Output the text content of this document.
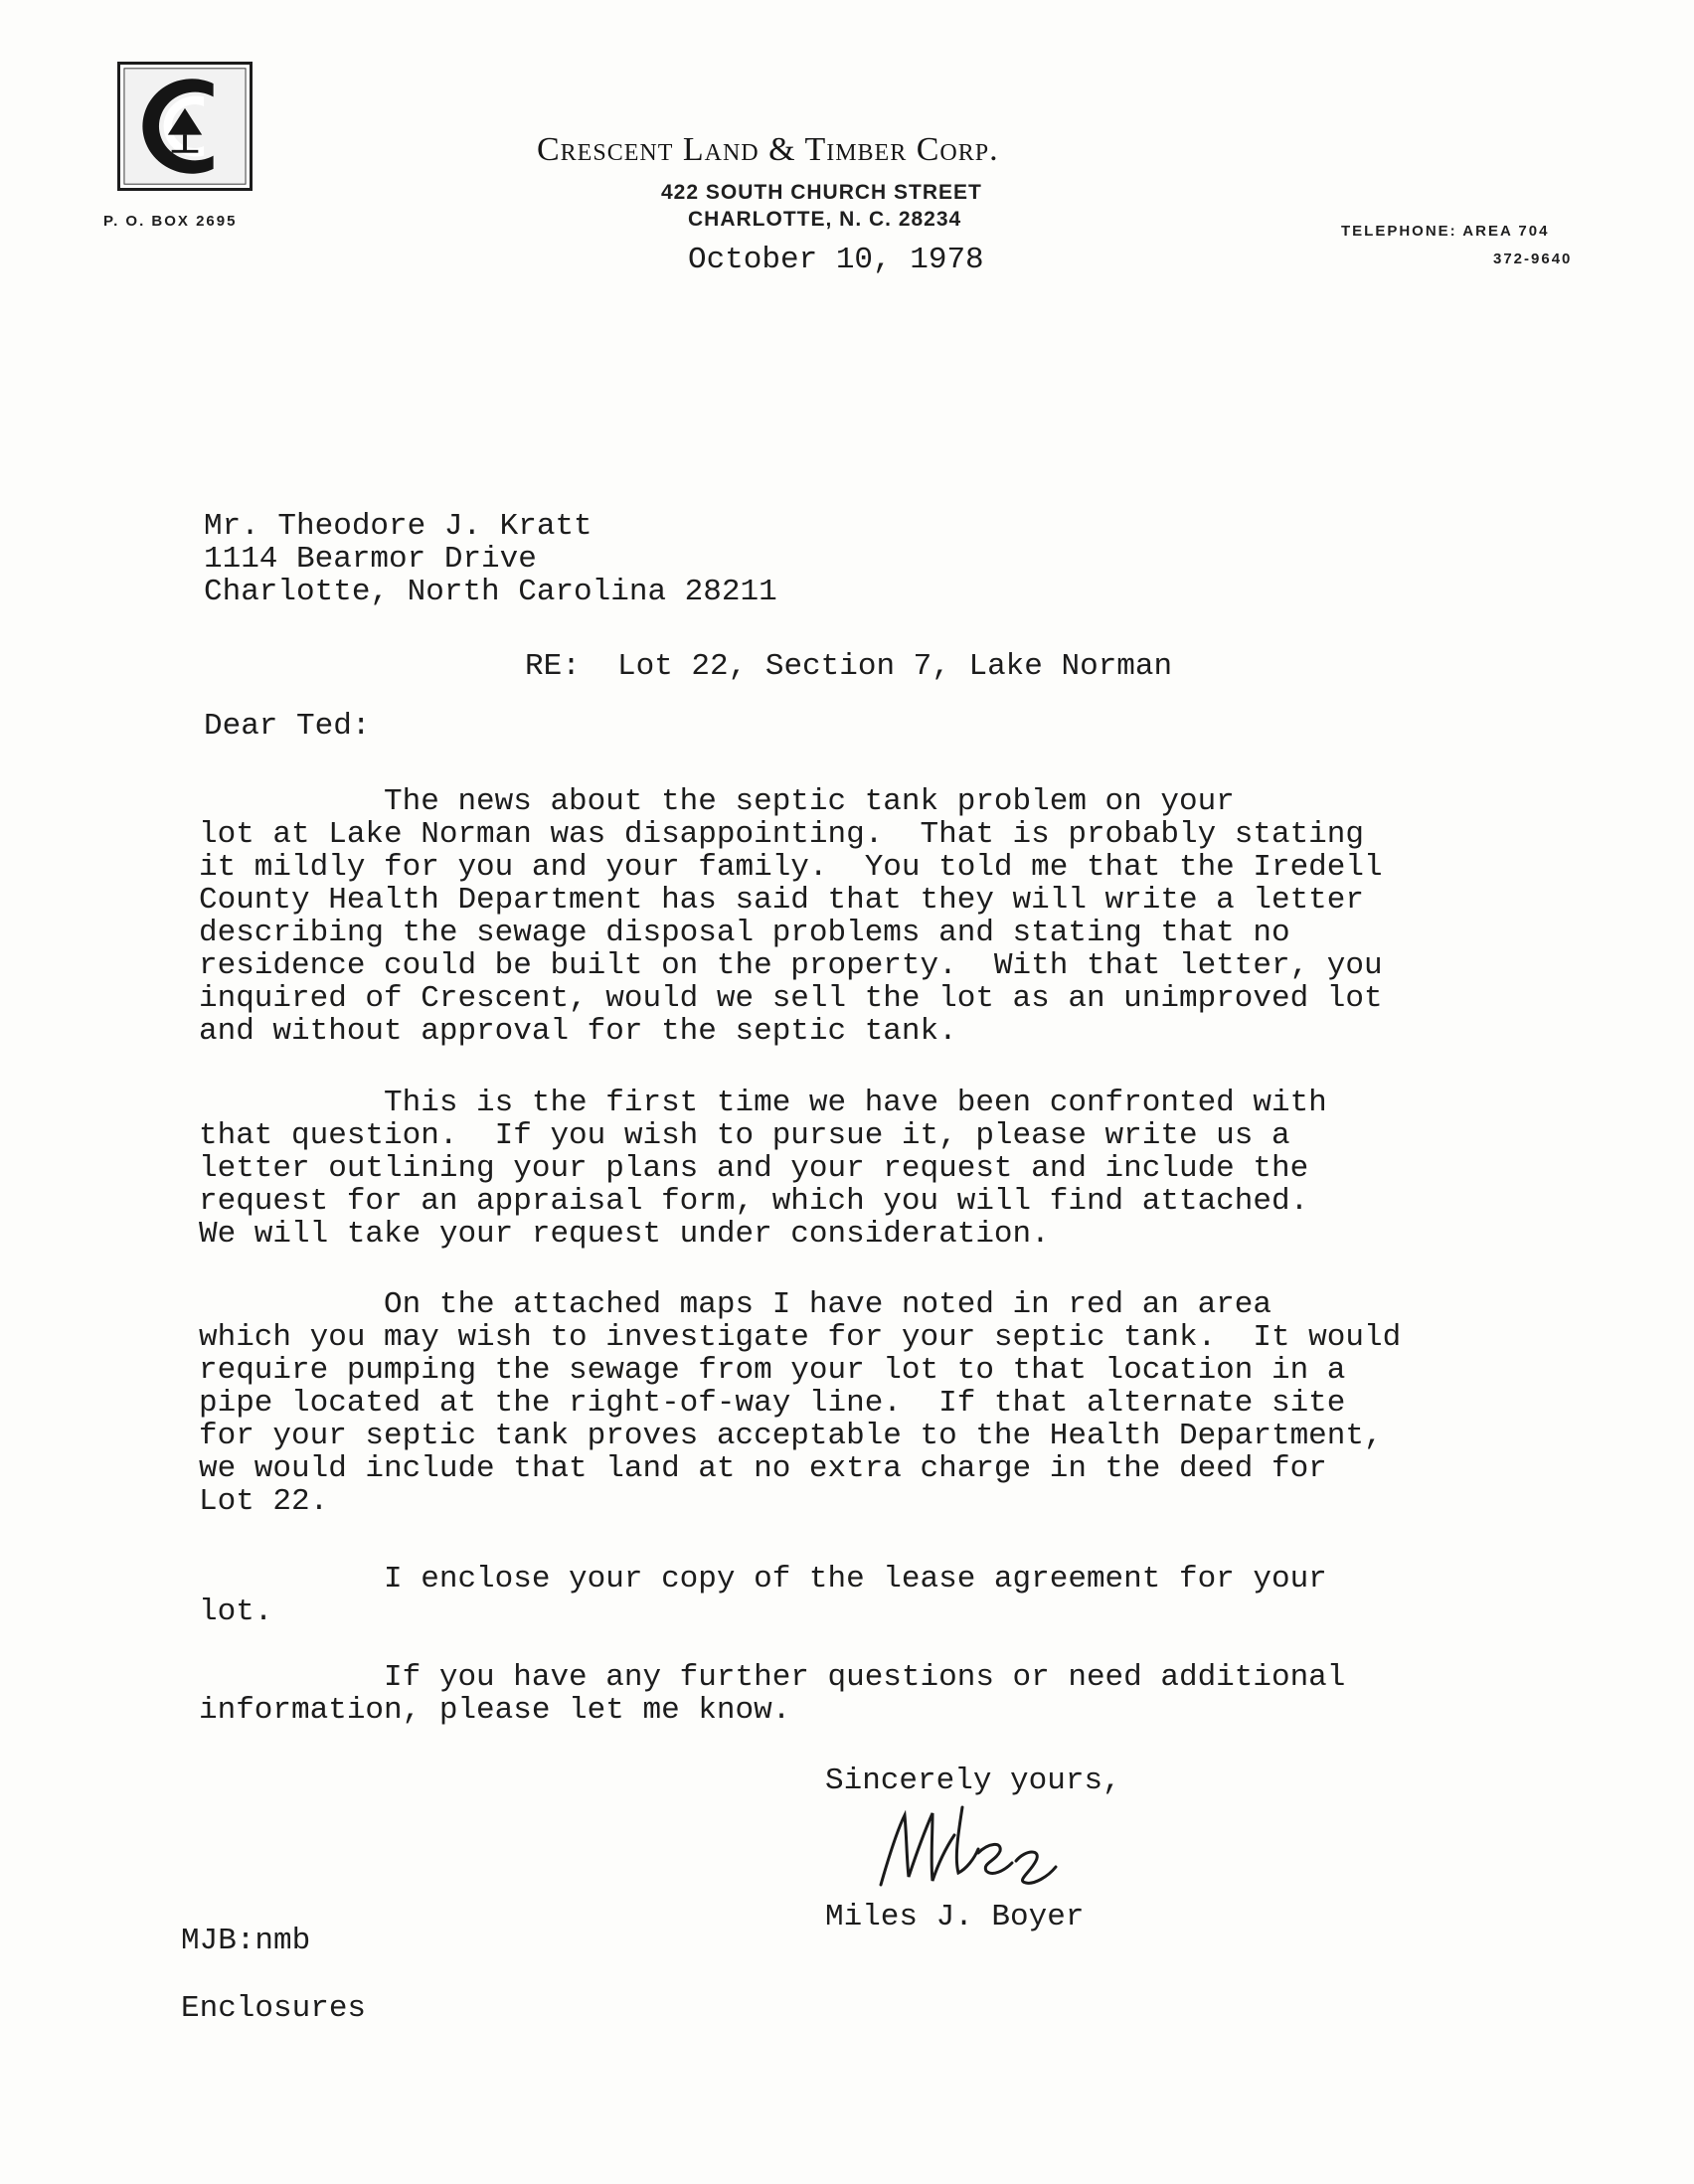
Crescent Land & Timber Corp.
422 SOUTH CHURCH STREET
CHARLOTTE, N. C. 28234
P. O. BOX 2695
TELEPHONE: AREA 704
372-9640
October 10, 1978
Mr. Theodore J. Kratt
1114 Bearmor Drive
Charlotte, North Carolina 28211
RE:  Lot 22, Section 7, Lake Norman
Dear Ted:
The news about the septic tank problem on your
lot at Lake Norman was disappointing.  That is probably stating
it mildly for you and your family.  You told me that the Iredell
County Health Department has said that they will write a letter
describing the sewage disposal problems and stating that no
residence could be built on the property.  With that letter, you
inquired of Crescent, would we sell the lot as an unimproved lot
and without approval for the septic tank.
This is the first time we have been confronted with
that question.  If you wish to pursue it, please write us a
letter outlining your plans and your request and include the
request for an appraisal form, which you will find attached.
We will take your request under consideration.
On the attached maps I have noted in red an area
which you may wish to investigate for your septic tank.  It would
require pumping the sewage from your lot to that location in a
pipe located at the right-of-way line.  If that alternate site
for your septic tank proves acceptable to the Health Department,
we would include that land at no extra charge in the deed for
Lot 22.
I enclose your copy of the lease agreement for your
lot.
If you have any further questions or need additional
information, please let me know.
Sincerely yours,
Miles J. Boyer
MJB:nmb
Enclosures
